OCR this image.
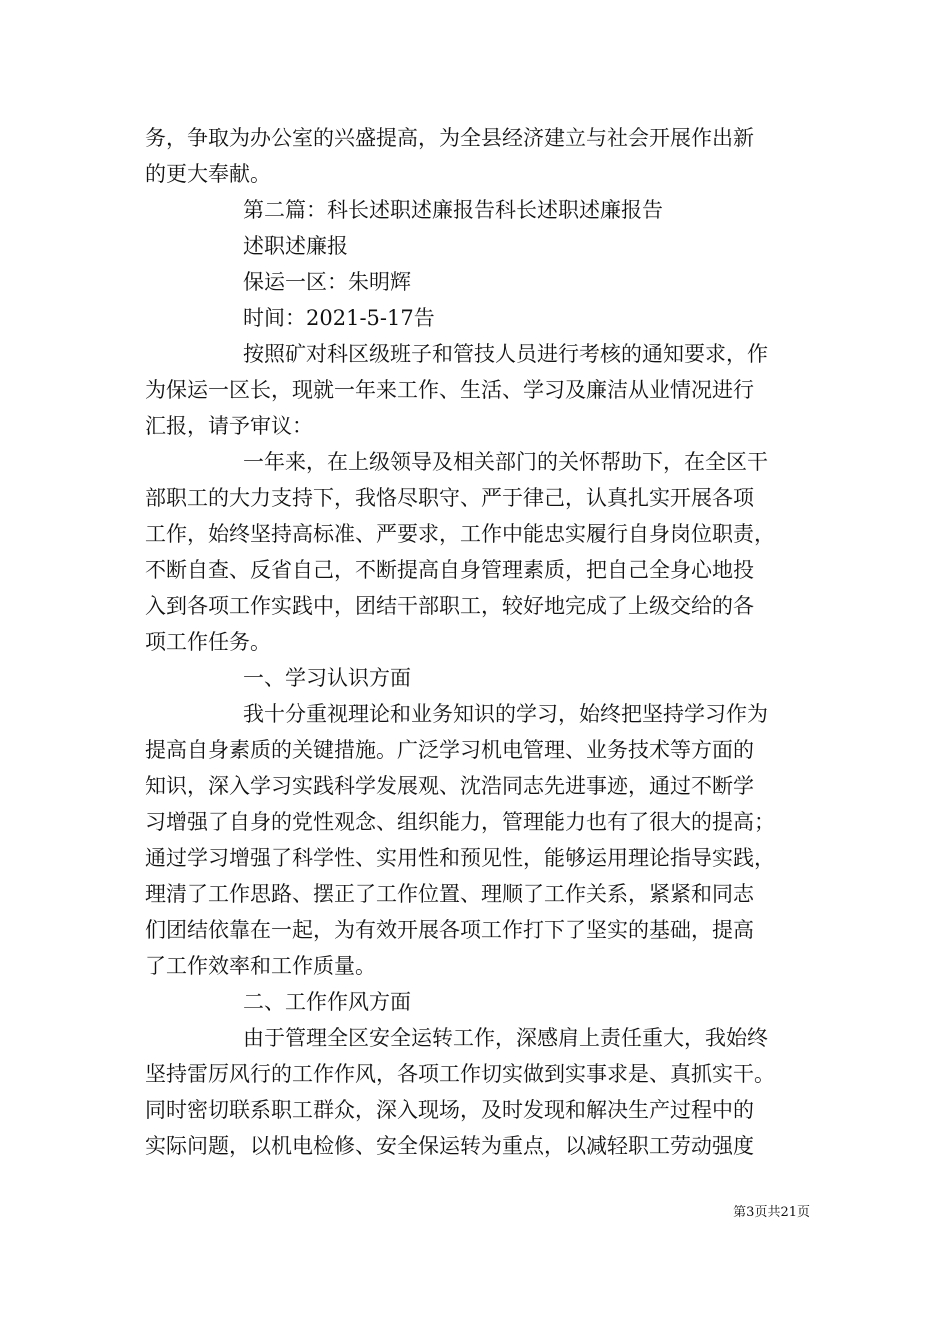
务，争取为办公室的兴盛提高，为全县经济建立与社会开展作出新
的更大奉献。
第二篇：科长述职述廉报告科长述职述廉报告
述职述廉报
保运一区：朱明辉
时间：2021-5-17告
按照矿对科区级班子和管技人员进行考核的通知要求，作
为保运一区长，现就一年来工作、生活、学习及廉洁从业情况进行
汇报，请予审议：
一年来，在上级领导及相关部门的关怀帮助下，在全区干
部职工的大力支持下，我恪尽职守、严于律己，认真扎实开展各项
工作，始终坚持高标准、严要求，工作中能忠实履行自身岗位职责，
不断自查、反省自己，不断提高自身管理素质，把自己全身心地投
入到各项工作实践中，团结干部职工，较好地完成了上级交给的各
项工作任务。
一、学习认识方面
我十分重视理论和业务知识的学习，始终把坚持学习作为
提高自身素质的关键措施。广泛学习机电管理、业务技术等方面的
知识，深入学习实践科学发展观、沈浩同志先进事迹，通过不断学
习增强了自身的党性观念、组织能力，管理能力也有了很大的提高；
通过学习增强了科学性、实用性和预见性，能够运用理论指导实践，
理清了工作思路、摆正了工作位置、理顺了工作关系，紧紧和同志
们团结依靠在一起，为有效开展各项工作打下了坚实的基础，提高
了工作效率和工作质量。
二、工作作风方面
由于管理全区安全运转工作，深感肩上责任重大，我始终
坚持雷厉风行的工作作风，各项工作切实做到实事求是、真抓实干。
同时密切联系职工群众，深入现场，及时发现和解决生产过程中的
实际问题，以机电检修、安全保运转为重点，以减轻职工劳动强度
第3页共21页
